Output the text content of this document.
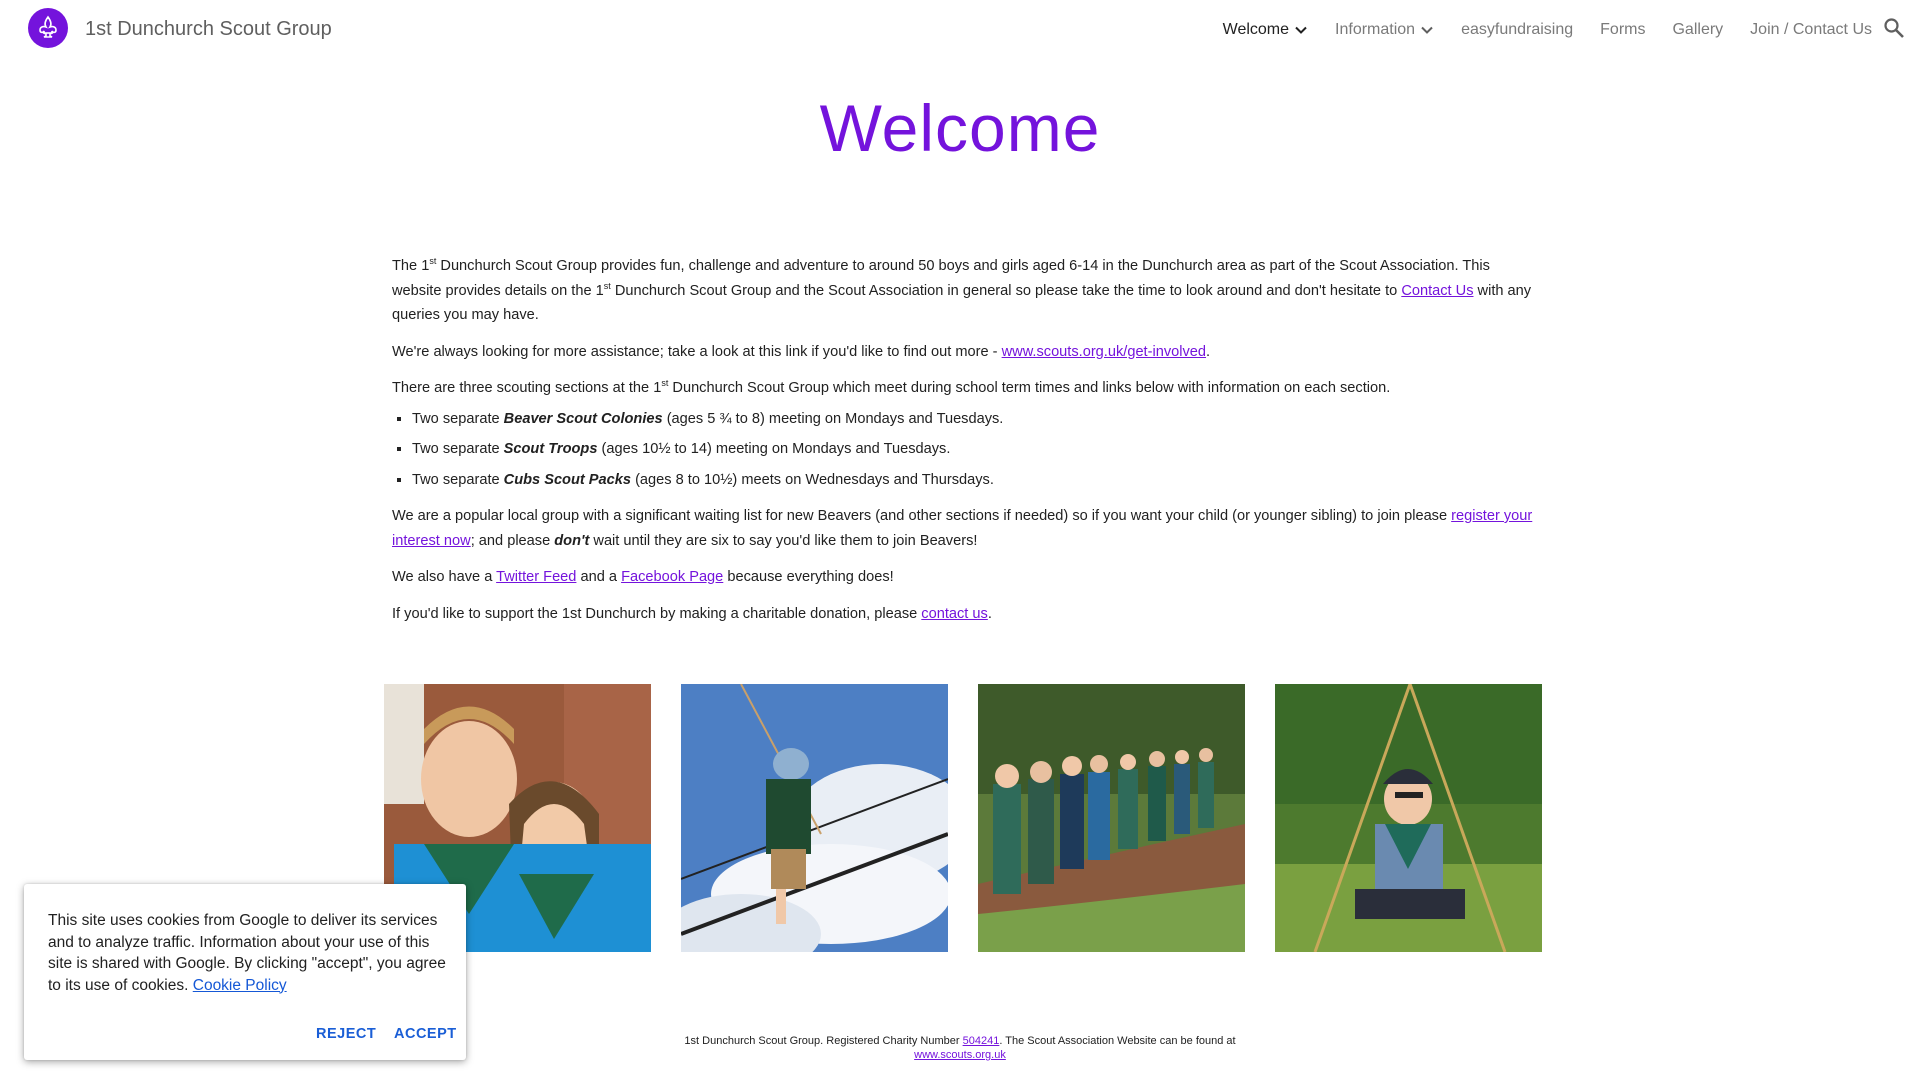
1st Dunchurch Scout Group	Welcome	Information	easyfundraising Forms Gallery Join / Contact Us
Welcome

The 1st Dunchurch Scout Group provides fun, challenge and adventure to around 50 boys and girls aged 6-14 in the Dunchurch area as part of the Scout Association. This website provides details on the 1st Dunchurch Scout Group and the Scout Association in general so please take the time to look around and don't hesitate to Contact Us with any queries you may have.

We're always looking for more assistance; take a look at this link if you'd like to find out more - www.scouts.org.uk/get-involved.

There are three scouting sections at the 1st Dunchurch Scout Group which meet during school term times and links below with information on each section.

▪ Two separate Beaver Scout Colonies (ages 5 ¾ to 8) meeting on Mondays and Tuesdays.
▪ Two separate Scout Troops (ages 10½ to 14) meeting on Mondays and Tuesdays.
▪ Two separate Cubs Scout Packs (ages 8 to 10½) meets on Wednesdays and Thursdays.

We are a popular local group with a significant waiting list for new Beavers (and other sections if needed) so if you want your child (or younger sibling) to join please register your interest now; and please don't wait until they are six to say you'd like them to join Beavers!

We also have a Twitter Feed and a Facebook Page because everything does!

If you'd like to support the 1st Dunchurch by making a charitable donation, please contact us.

1st Dunchurch Scout Group. Registered Charity Number 504241. The Scout Association Website can be found at www.scouts.org.uk
This site uses cookies from Google to deliver its services and to analyze traffic. Information about your use of this site is shared with Google. By clicking "accept", you agree to its use of cookies. Cookie Policy
REJECT ACCEPT
